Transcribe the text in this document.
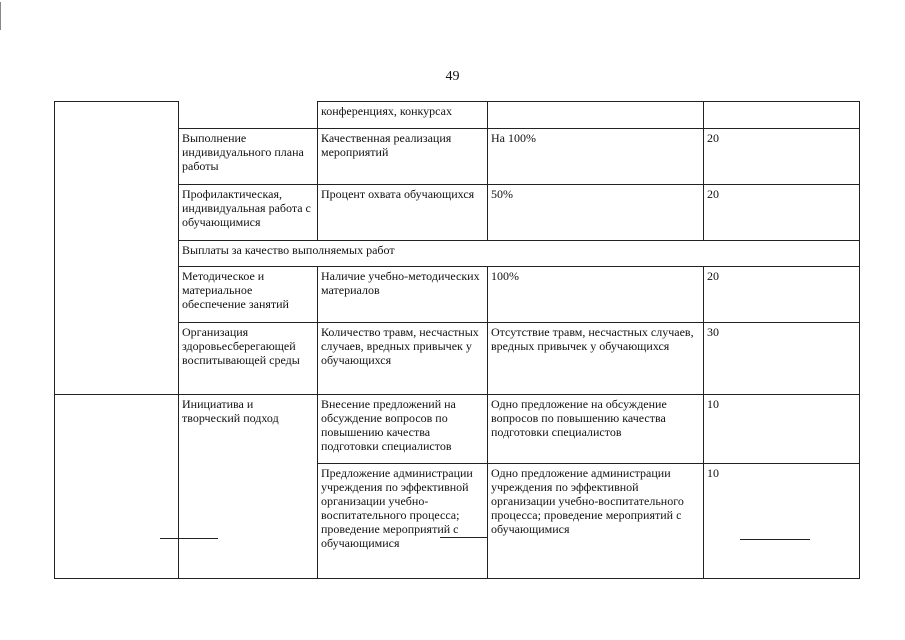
49
		конференциях, конкурсах		
	Выполнение индивидуального плана работы	Качественная реализация мероприятий	На 100%	20
	Профилактическая, индивидуальная работа с обучающимися	Процент охвата обучающихся	50%	20
	Выплаты за качество выполняемых работ			
	Методическое и материальное обеспечение занятий	Наличие учебно-методических материалов	100%	20
	Организация здоровьесберегающей воспитывающей среды	Количество травм, несчастных случаев, вредных привычек у обучающихся	Отсутствие травм, несчастных случаев, вредных привычек у обучающихся	30
	Инициатива и творческий подход	Внесение предложений на обсуждение вопросов по повышению качества подготовки специалистов	Одно предложение на обсуждение вопросов по повышению качества подготовки специалистов	10
		Предложение администрации учреждения по эффективной организации учебно-воспитательного процесса; проведение мероприятий с обучающимися	Одно предложение администрации учреждения по эффективной организации учебно-воспитательного процесса; проведение мероприятий с обучающимися	10
